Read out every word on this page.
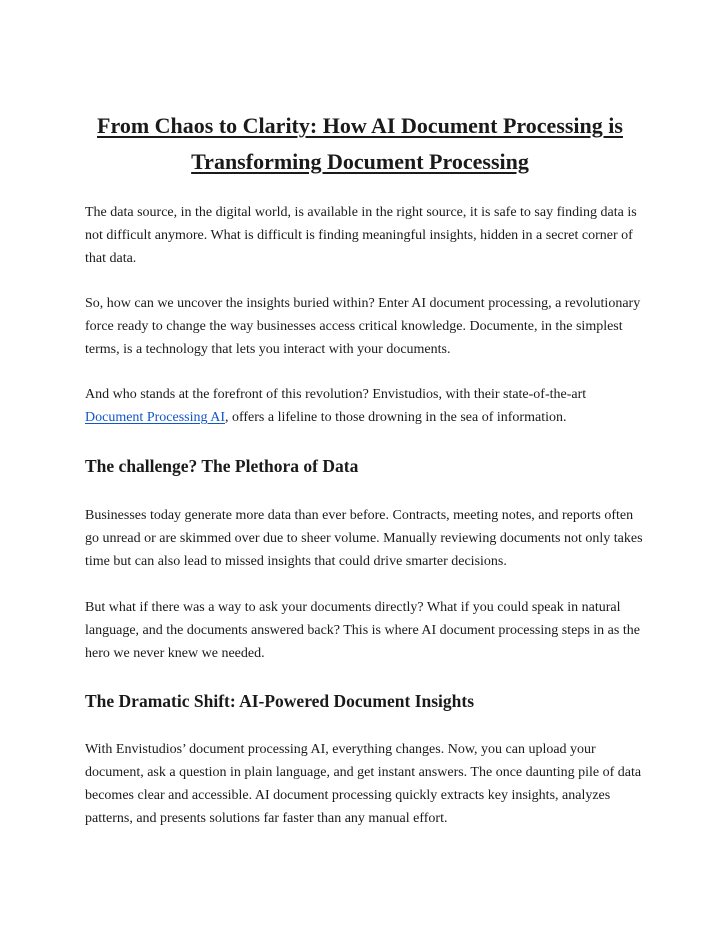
From Chaos to Clarity: How AI Document Processing is Transforming Document Processing

The data source, in the digital world, is available in the right source, it is safe to say finding data is not difficult anymore. What is difficult is finding meaningful insights, hidden in a secret corner of that data.

So, how can we uncover the insights buried within? Enter AI document processing, a revolutionary force ready to change the way businesses access critical knowledge. Documente, in the simplest terms, is a technology that lets you interact with your documents.

And who stands at the forefront of this revolution? Envistudios, with their state-of-the-art Document Processing AI, offers a lifeline to those drowning in the sea of information.

The challenge? The Plethora of Data

Businesses today generate more data than ever before. Contracts, meeting notes, and reports often go unread or are skimmed over due to sheer volume. Manually reviewing documents not only takes time but can also lead to missed insights that could drive smarter decisions.

But what if there was a way to ask your documents directly? What if you could speak in natural language, and the documents answered back? This is where AI document processing steps in as the hero we never knew we needed.

The Dramatic Shift: AI-Powered Document Insights

With Envistudios’ document processing AI, everything changes. Now, you can upload your document, ask a question in plain language, and get instant answers. The once daunting pile of data becomes clear and accessible. AI document processing quickly extracts key insights, analyzes patterns, and presents solutions far faster than any manual effort.
